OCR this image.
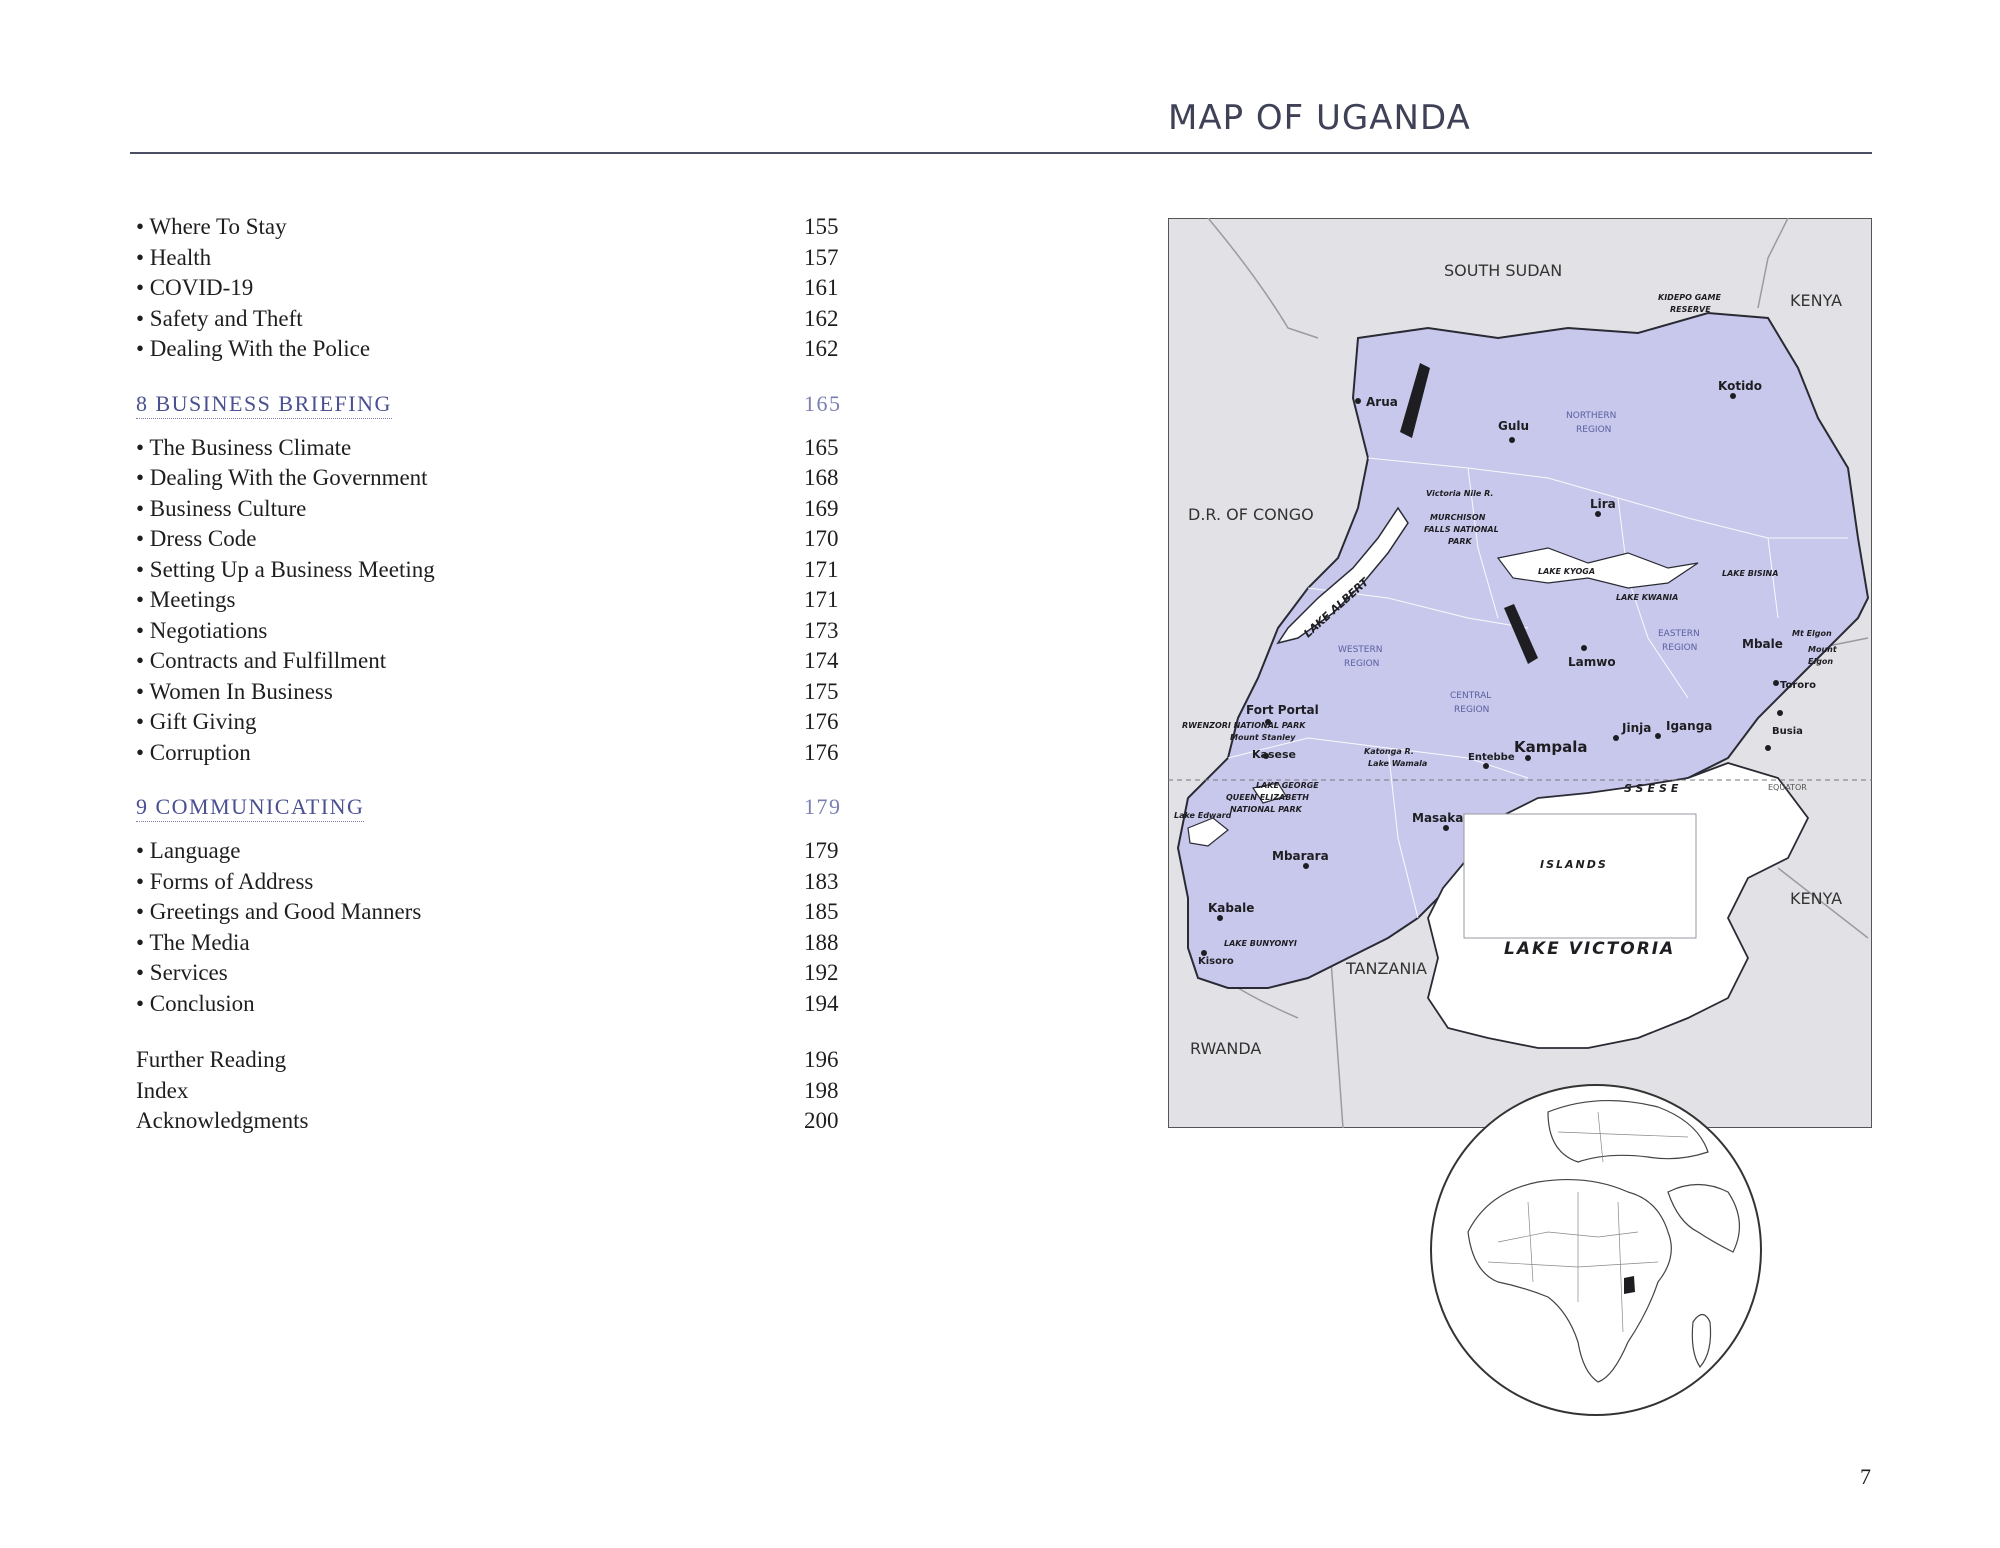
MAP OF UGANDA
• Where To Stay	155
• Health	157
• COVID-19	161
• Safety and Theft	162
• Dealing With the Police	162
8 BUSINESS BRIEFING	165
• The Business Climate	165
• Dealing With the Government	168
• Business Culture	169
• Dress Code	170
• Setting Up a Business Meeting	171
• Meetings	171
• Negotiations	173
• Contracts and Fulfillment	174
• Women In Business	175
• Gift Giving	176
• Corruption	176
9 COMMUNICATING	179
• Language	179
• Forms of Address	183
• Greetings and Good Manners	185
• The Media	188
• Services	192
• Conclusion	194
Further Reading	196
Index	198
Acknowledgments	200
SOUTH SUDAN
KENYA
KENYA
D.R. OF CONGO
TANZANIA
RWANDA
LAKE VICTORIA
LAKE ALBERT
SSESE
ISLANDS
Lake Edward
LAKE GEORGE
LAKE KYOGA
LAKE KWANIA
LAKE BISINA
LAKE BUNYONYI
Lake Wamala
NORTHERN
REGION
WESTERN
REGION
CENTRAL
REGION
EASTERN
REGION
Arua
Gulu
Lira
Kotido
Lamwo
Fort Portal
Kasese	Kampala
Entebbe
Jinja Iganga
Mbale
Tororo
Busia
Masaka
Mbarara
Kabale
Kisoro
KIDEPO GAME
RESERVE
Victoria Nile R.
MURCHISON
FALLS NATIONAL
PARK
RWENZORI NATIONAL PARK
Mount Stanley
QUEEN ELIZABETH
NATIONAL PARK
Katonga R.
Mt Elgon
Mount
Elgon
EQUATOR
7
